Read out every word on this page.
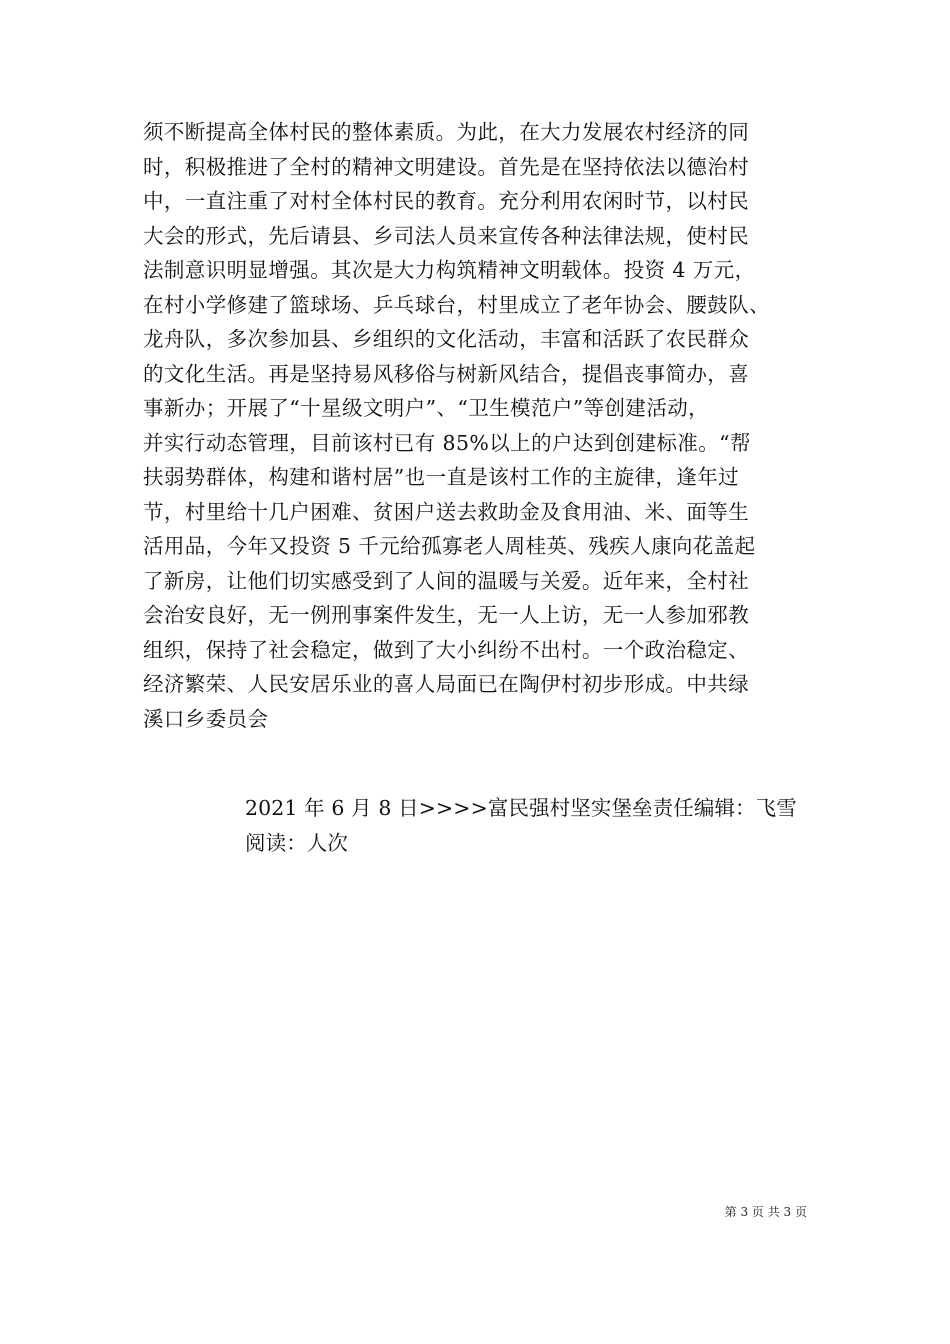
须不断提高全体村民的整体素质。为此，在大力发展农村经济的同
时，积极推进了全村的精神文明建设。首先是在坚持依法以德治村
中，一直注重了对村全体村民的教育。充分利用农闲时节，以村民
大会的形式，先后请县、乡司法人员来宣传各种法律法规，使村民
法制意识明显增强。其次是大力构筑精神文明载体。投资 4 万元，
在村小学修建了篮球场、乒乓球台，村里成立了老年协会、腰鼓队、
龙舟队，多次参加县、乡组织的文化活动，丰富和活跃了农民群众
的文化生活。再是坚持易风移俗与树新风结合，提倡丧事简办，喜
事新办；开展了“十星级文明户”、“卫生模范户”等创建活动，
并实行动态管理，目前该村已有 85%以上的户达到创建标准。“帮
扶弱势群体，构建和谐村居”也一直是该村工作的主旋律，逢年过
节，村里给十几户困难、贫困户送去救助金及食用油、米、面等生
活用品，今年又投资 5 千元给孤寡老人周桂英、残疾人康向花盖起
了新房，让他们切实感受到了人间的温暖与关爱。近年来，全村社
会治安良好，无一例刑事案件发生，无一人上访，无一人参加邪教
组织，保持了社会稳定，做到了大小纠纷不出村。一个政治稳定、
经济繁荣、人民安居乐业的喜人局面已在陶伊村初步形成。中共绿
溪口乡委员会
2021 年 6 月 8 日>>>>富民强村坚实堡垒责任编辑：飞雪
阅读：人次
第 3 页 共 3 页
